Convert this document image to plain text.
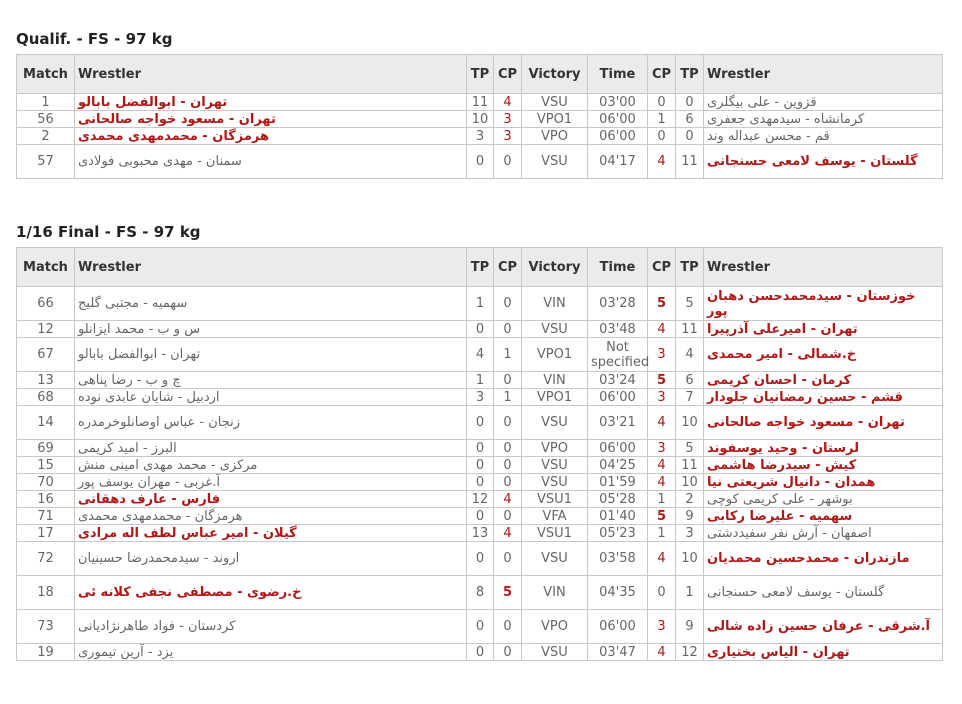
Qualif. - FS - 97 kg
Match	Wrestler	TP	CP	Victory	Time	CP	TP	Wrestler
1	تهران - ابوالفضل بابالو	11	4	VSU	03'00	0	0	قزوین - علی بیگلری
56	تهران - مسعود خواجه صالحانی	10	3	VPO1	06'00	1	6	کرمانشاه - سیدمهدی جعفری
2	هرمزگان - محمدمهدی محمدی	3	3	VPO	06'00	0	0	قم - محسن عبداله وند
57	سمنان - مهدی محبوبی فولادی	0	0	VSU	04'17	4	11	گلستان - یوسف لامعی حسنجانی
1/16 Final - FS - 97 kg
Match	Wrestler	TP	CP	Victory	Time	CP	TP	Wrestler
66	سهمیه - مجتبی گلیج	1	0	VIN	03'28	5	5	خوزستان - سیدمحمدحسن دهبان پور
12	س و ب - محمد ایزانلو	0	0	VSU	03'48	4	11	تهران - امیرعلی آذرپیرا
67	تهران - ابوالفضل بابالو	4	1	VPO1	Not specified	3	4	خ.شمالی - امیر محمدی
13	چ و ب - رضا پناهی	1	0	VIN	03'24	5	6	کرمان - احسان کریمی
68	اردبیل - شایان عابدی نوده	3	1	VPO1	06'00	3	7	قشم - حسین رمضانیان جلودار
14	زنجان - عباس اوصانلوخرمدره	0	0	VSU	03'21	4	10	تهران - مسعود خواجه صالحانی
69	البرز - امید کریمی	0	0	VPO	06'00	3	5	لرستان - وحید یوسفوند
15	مرکزی - محمد مهدی امینی منش	0	0	VSU	04'25	4	11	کیش - سیدرضا هاشمی
70	آ.غربی - مهران یوسف پور	0	0	VSU	01'59	4	10	همدان - دانیال شریعتی نیا
16	فارس - عارف دهقانی	12	4	VSU1	05'28	1	2	بوشهر - علی کریمی کوچی
71	هرمزگان - محمدمهدی محمدی	0	0	VFA	01'40	5	9	سهمیه - علیرضا رکابی
17	گیلان - امیر عباس لطف اله مرادی	13	4	VSU1	05'23	1	3	اصفهان - آرش نفر سفیددشتی
72	اروند - سیدمحمدرضا حسینیان	0	0	VSU	03'58	4	10	مازندران - محمدحسین محمدیان
18	خ.رضوی - مصطفی نجفی کلانه ئی	8	5	VIN	04'35	0	1	گلستان - یوسف لامعی حسنجانی
73	کردستان - فواد طاهرنژادیانی	0	0	VPO	06'00	3	9	آ.شرقی - عرفان حسین زاده شالی
19	یزد - آرین تیموری	0	0	VSU	03'47	4	12	تهران - الیاس بختیاری
